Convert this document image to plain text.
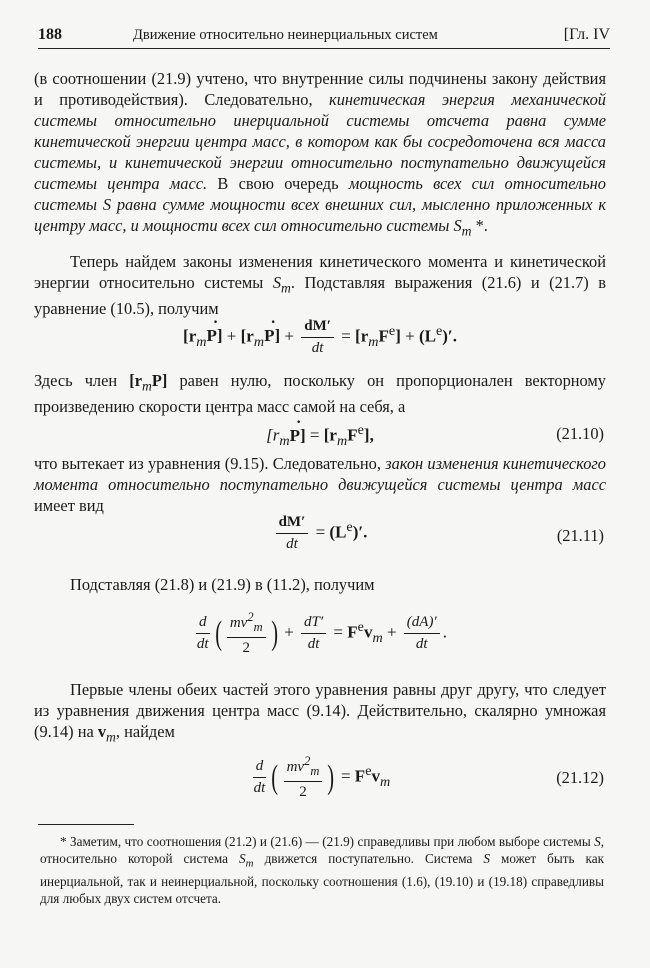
188	Движение относительно неинерциальных систем	[Гл. IV

(в соотношении (21.9) учтено, что внутренние силы подчинены закону действия и противодействия). Следовательно, кинетическая энергия механической системы относительно инерциальной системы отсчета равна сумме кинетической энергии центра масс, в котором как бы сосредоточена вся масса системы, и кинетической энергии относительно поступательно движущейся системы центра масс. В свою очередь мощность всех сил относительно системы S равна сумме мощности всех внешних сил, мысленно приложенных к центру масс, и мощности всех сил относительно системы $S_m$ *.

Теперь найдем законы изменения кинетического момента и кинетической энергии относительно системы $S_m$. Подставляя выражения (21.6) и (21.7) в уравнение (10.5), получим

$[r_mP]$ · + $[r_mP]$ · + $\frac{dM'}{dt} = [r_mF^e] + (L^e)'$.

Здесь член $[r_mP]$ равен нулю, поскольку он пропорционален векторному произведению скорости центра масс самой на себя, а

$[r_mP]$ · = $[r_mF^e]$,	(21.10)

что вытекает из уравнения (9.15). Следовательно, закон изменения кинетического момента относительно поступательно движущейся системы центра масс имеет вид

$\frac{dM'}{dt} = (L^e)'$.	(21.11)

Подставляя (21.8) и (21.9) в (11.2), получим

$\frac{d}{dt}$ ( $\frac{mv^2_m}{2}$ ) + $\frac{dT'}{dt} = F^ev_m + \frac{(dA)'}{dt}$ .

Первые члены обеих частей этого уравнения равны друг другу, что следует из уравнения движения центра масс (9.14). Действительно, скалярно умножая (9.14) на $v_m$, найдем

$\frac{d}{dt}$ ( $\frac{mv^2_m}{2}$ ) = $F^ev_m$	(21.12)

* Заметим, что соотношения (21.2) и (21.6) — (21.9) справедливы при любом выборе системы S, относительно которой система $S_m$ движется поступательно. Система S может быть как инерциальной, так и неинерциальной, поскольку соотношения (1.6), (19.10) и (19.18) справедливы для любых двух систем отсчета.
